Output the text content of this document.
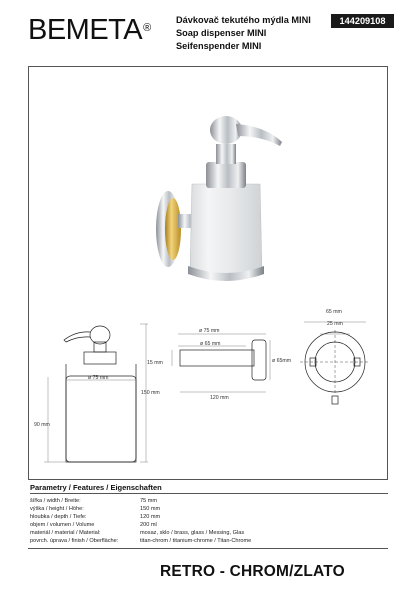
BEMETA®
Dávkovač tekutého mýdla MINI
Soap dispenser MINI
Seifenspender MINI
144209108
ø 75 mm
150 mm
90 mm
ø 75 mm
ø 65 mm
15 mm
120 mm
ø 65mm
65 mm
25 mm
Parametry / Features / Eigenschaften
šířka / width / Breite:	75 mm
výška / height / Höhe:	150 mm
hloubka / depth / Tiefe:	120 mm
objem / volumen / Volume	200 ml
materiál / material / Material:	mosaz, sklo / brass, glass / Messing, Glas
povrch. úprava / finish / Oberfläche:	titan-chrom / titanium-chrome / Titan-Chrome
RETRO - CHROM/ZLATO
